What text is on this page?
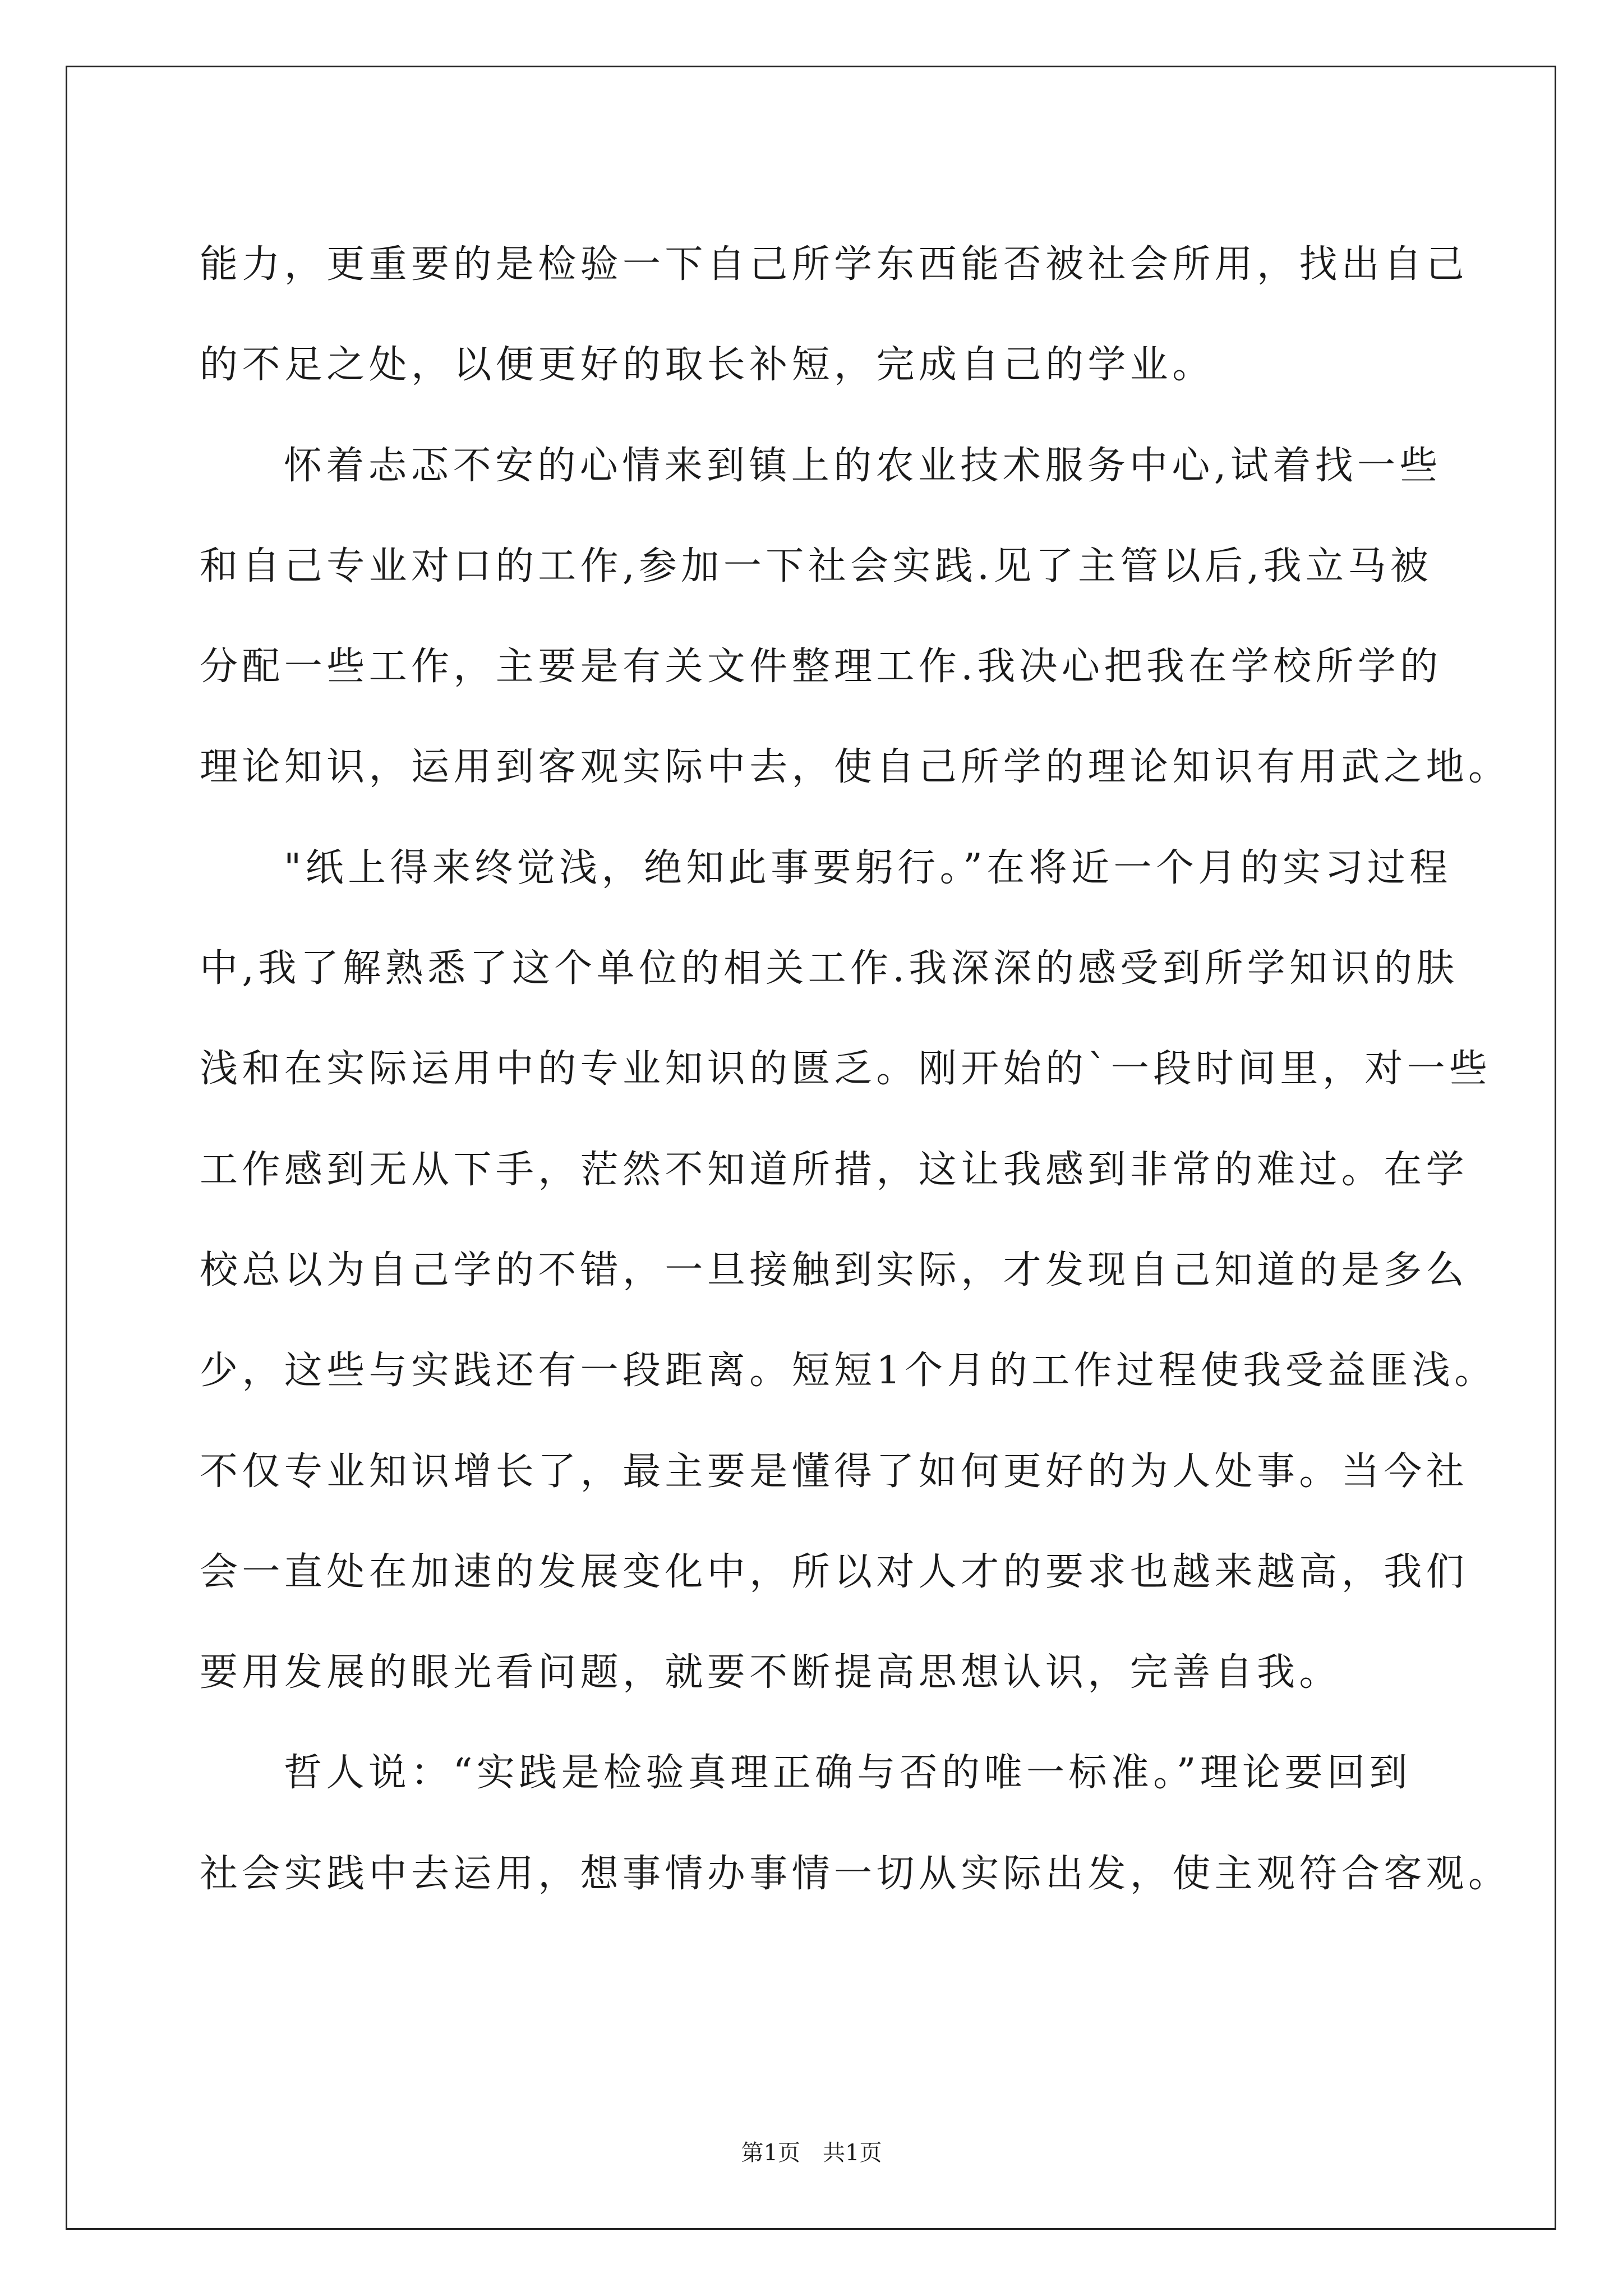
能力，更重要的是检验一下自己所学东西能否被社会所用，找出自己
的不足之处，以便更好的取长补短，完成自己的学业。
怀着忐忑不安的心情来到镇上的农业技术服务中心,试着找一些
和自己专业对口的工作,参加一下社会实践.见了主管以后,我立马被
分配一些工作，主要是有关文件整理工作.我决心把我在学校所学的
理论知识，运用到客观实际中去，使自己所学的理论知识有用武之地。
"纸上得来终觉浅，绝知此事要躬行。”在将近一个月的实习过程
中,我了解熟悉了这个单位的相关工作.我深深的感受到所学知识的肤
浅和在实际运用中的专业知识的匮乏。刚开始的`一段时间里，对一些
工作感到无从下手，茫然不知道所措，这让我感到非常的难过。在学
校总以为自己学的不错，一旦接触到实际，才发现自己知道的是多么
少，这些与实践还有一段距离。短短1个月的工作过程使我受益匪浅。
不仅专业知识增长了，最主要是懂得了如何更好的为人处事。当今社
会一直处在加速的发展变化中，所以对人才的要求也越来越高，我们
要用发展的眼光看问题，就要不断提高思想认识，完善自我。
哲人说：“实践是检验真理正确与否的唯一标准。”理论要回到
社会实践中去运用，想事情办事情一切从实际出发，使主观符合客观。
第1页　共1页
